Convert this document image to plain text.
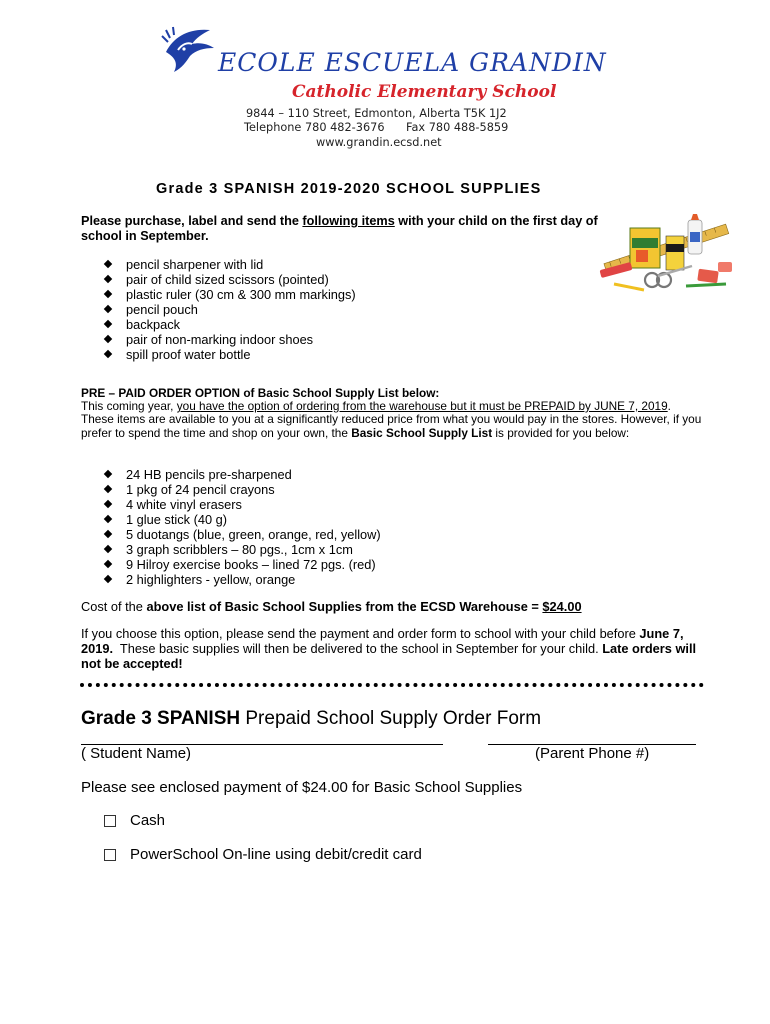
ECOLE ESCUELA GRANDIN
Catholic Elementary School
9844 – 110 Street, Edmonton, Alberta T5K 1J2
Telephone 780 482-3676      Fax 780 488-5859
www.grandin.ecsd.net
Grade 3 SPANISH 2019-2020 SCHOOL SUPPLIES
Please purchase, label and send the following items with your child on the first day of school in September.
pencil sharpener with lid
pair of child sized scissors (pointed)
plastic ruler (30 cm & 300 mm markings)
pencil pouch
backpack
pair of non-marking indoor shoes
spill proof water bottle
PRE – PAID ORDER OPTION of Basic School Supply List below:
This coming year, you have the option of ordering from the warehouse but it must be PREPAID by JUNE 7, 2019. These items are available to you at a significantly reduced price from what you would pay in the stores. However, if you prefer to spend the time and shop on your own, the Basic School Supply List is provided for you below:
24 HB pencils pre-sharpened
1 pkg of 24 pencil crayons
4 white vinyl erasers
1 glue stick (40 g)
5 duotangs (blue, green, orange, red, yellow)
3 graph scribblers – 80 pgs., 1cm x 1cm
9 Hilroy exercise books – lined 72 pgs. (red)
2 highlighters - yellow, orange
Cost of the above list of Basic School Supplies from the ECSD Warehouse = $24.00
If you choose this option, please send the payment and order form to school with your child before June 7, 2019.  These basic supplies will then be delivered to the school in September for your child. Late orders will not be accepted!
Grade 3 SPANISH Prepaid School Supply Order Form
( Student Name)	(Parent Phone #)
Please see enclosed payment of $24.00 for Basic School Supplies
Cash
PowerSchool On-line using debit/credit card
